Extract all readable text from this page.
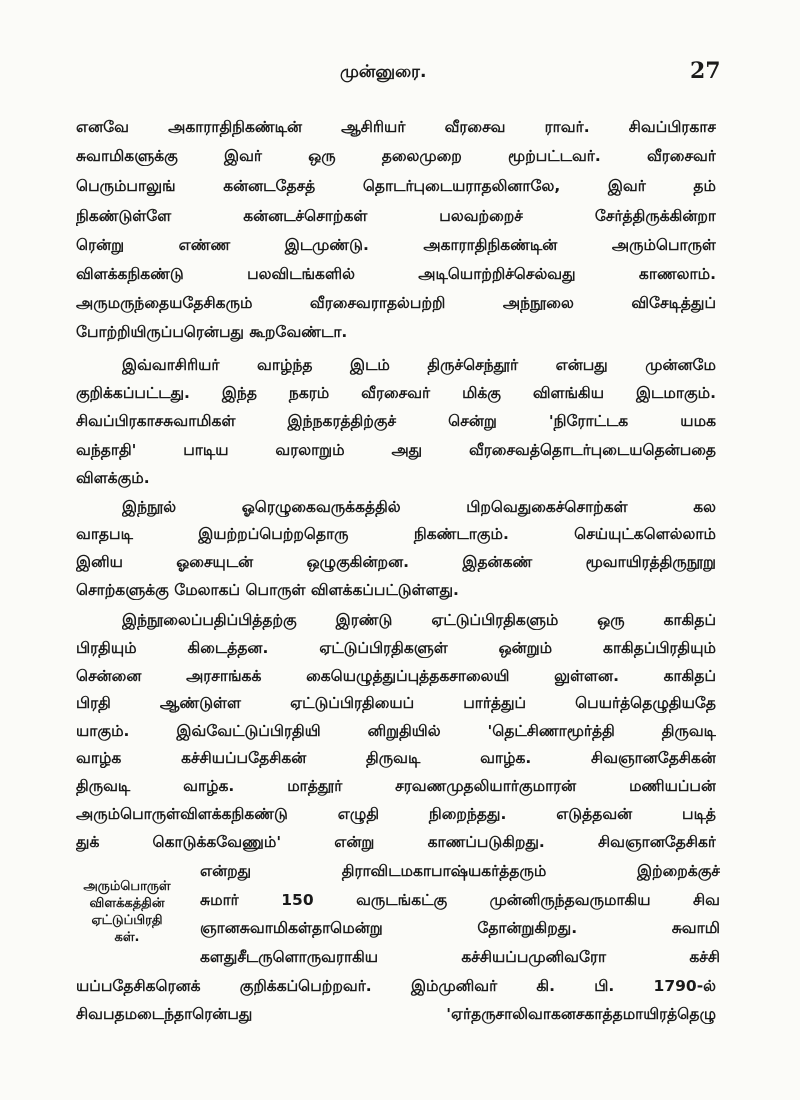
முன்னுரை.	27
எனவே அகாராதிநிகண்டின் ஆசிரியர் வீரசைவ ராவர். சிவப்பிரகாச
சுவாமிகளுக்கு இவர் ஒரு தலைமுறை மூற்பட்டவர். வீரசைவர்
பெரும்பாலுங் கன்னடதேசத் தொடர்புடையராதலினாலே, இவர் தம்
நிகண்டுள்ளே கன்னடச்சொற்கள் பலவற்றைச் சேர்த்திருக்கின்றா
ரென்று எண்ண இடமுண்டு. அகாராதிநிகண்டின் அரும்பொருள்
விளக்கநிகண்டு பலவிடங்களில் அடியொற்றிச்செல்வது காணலாம்.
அருமருந்தையதேசிகரும் வீரசைவராதல்பற்றி அந்நூலை விசேடித்துப்
போற்றியிருப்பரென்பது கூறவேண்டா.
இவ்வாசிரியர் வாழ்ந்த இடம் திருச்செந்தூர் என்பது முன்னமே
குறிக்கப்பட்டது. இந்த நகரம் வீரசைவர் மிக்கு விளங்கிய இடமாகும்.
சிவப்பிரகாசசுவாமிகள் இந்நகரத்திற்குச் சென்று 'நிரோட்டக யமக
வந்தாதி' பாடிய வரலாறும் அது வீரசைவத்தொடர்புடையதென்பதை
விளக்கும்.
இந்நூல் ஓரெழுகைவருக்கத்தில் பிறவெதுகைச்சொற்கள் கல
வாதபடி இயற்றப்பெற்றதொரு நிகண்டாகும். செய்யுட்களெல்லாம்
இனிய ஓசையுடன் ஒழுகுகின்றன. இதன்கண் மூவாயிரத்திருநூறு
சொற்களுக்கு மேலாகப் பொருள் விளக்கப்பட்டுள்ளது.
இந்நூலைப்பதிப்பித்தற்கு இரண்டு ஏட்டுப்பிரதிகளும் ஒரு காகிதப்
பிரதியும் கிடைத்தன. ஏட்டுப்பிரதிகளுள் ஒன்றும் காகிதப்பிரதியும்
சென்னை அரசாங்கக் கையெழுத்துப்புத்தகசாலையி லுள்ளன. காகிதப்
பிரதி ஆண்டுள்ள ஏட்டுப்பிரதியைப் பார்த்துப் பெயர்த்தெழுதியதே
யாகும். இவ்வேட்டுப்பிரதியி னிறுதியில் 'தெட்சிணாமூர்த்தி திருவடி
வாழ்க கச்சியப்பதேசிகன் திருவடி வாழ்க. சிவஞானதேசிகன்
திருவடி வாழ்க. மாத்தூர் சரவணமுதலியார்குமாரன் மணியப்பன்
அரும்பொருள்விளக்கநிகண்டு எழுதி நிறைந்தது. எடுத்தவன் படித்
துக் கொடுக்கவேணும்' என்று காணப்படுகிறது. சிவஞானதேசிகர்
என்றது திராவிடமகாபாஷ்யகர்த்தரும் இற்றைக்குச்
சுமார் 150 வருடங்கட்கு முன்னிருந்தவருமாகிய சிவ
ஞானசுவாமிகள்தாமென்று தோன்றுகிறது. சுவாமி
களதுசீடருளொருவராகிய கச்சியப்பமுனிவரோ கச்சி
அரும்பொருள்
விளக்கத்தின்
ஏட்டுப்பிரதி
கள்.
யப்பதேசிகரெனக் குறிக்கப்பெற்றவர். இம்முனிவர் கி. பி. 1790-ல்
சிவபதமடைந்தாரென்பது 'ஏர்தருசாலிவாகனசகாத்தமாயிரத்தெழு
